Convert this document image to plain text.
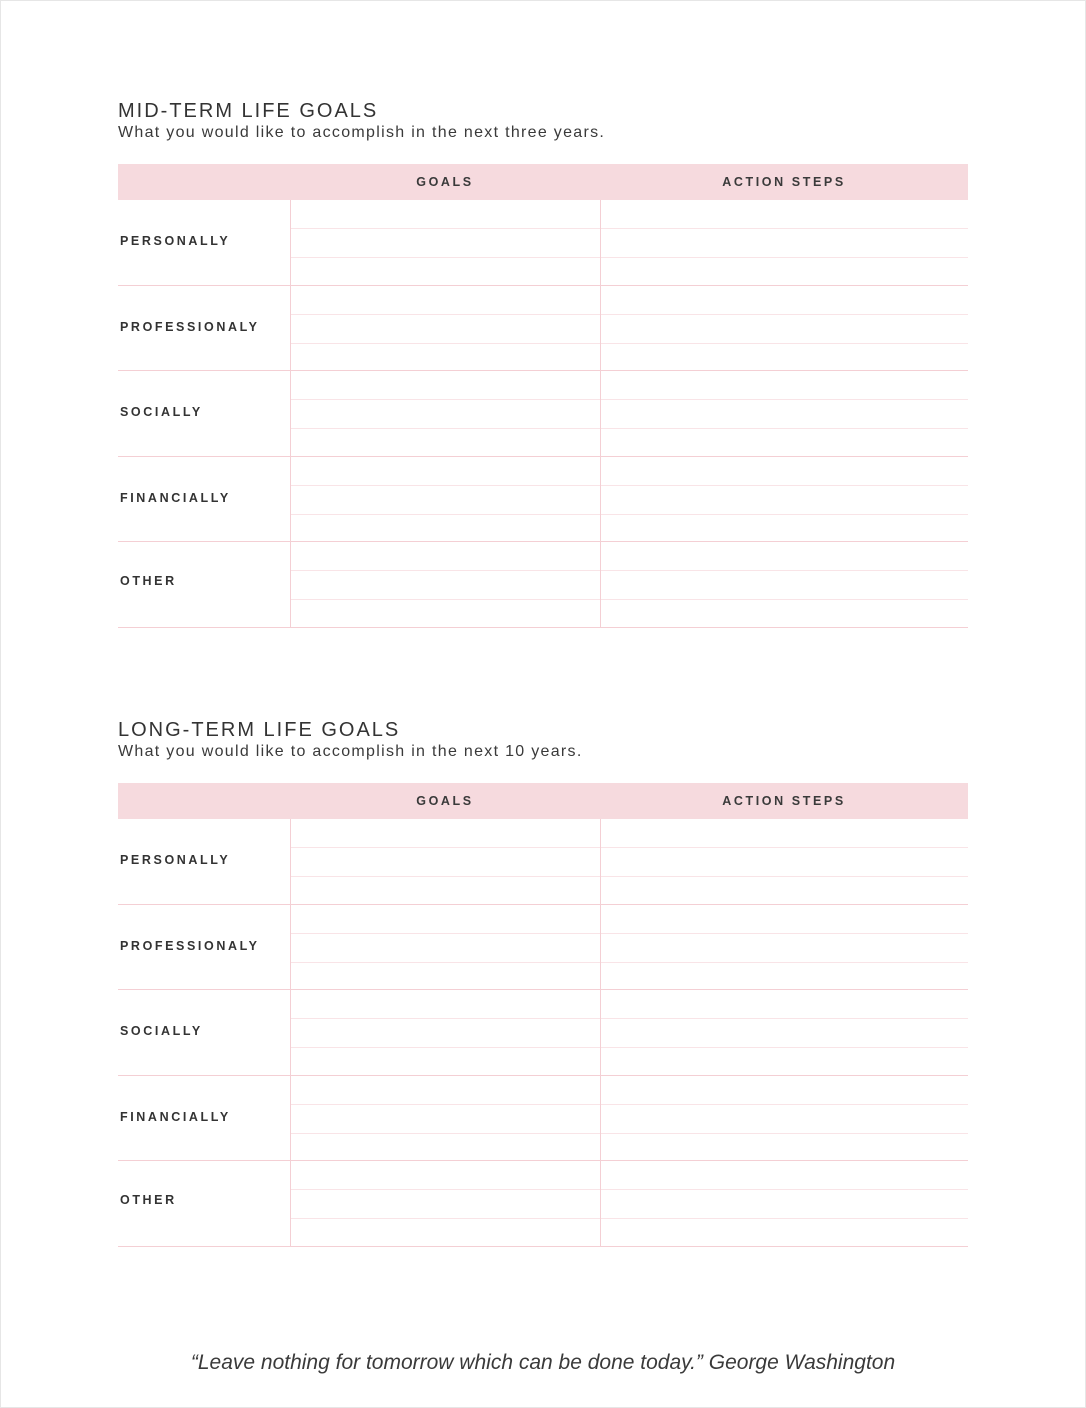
MID-TERM LIFE GOALS

What you would like to accomplish in the next three years.

GOALS	ACTION STEPS
PERSONALLY
PROFESSIONALY
SOCIALLY
FINANCIALLY
OTHER
LONG-TERM LIFE GOALS

What you would like to accomplish in the next 10 years.

GOALS	ACTION STEPS
PERSONALLY
PROFESSIONALY
SOCIALLY
FINANCIALLY
OTHER
“Leave nothing for tomorrow which can be done today.” George Washington
